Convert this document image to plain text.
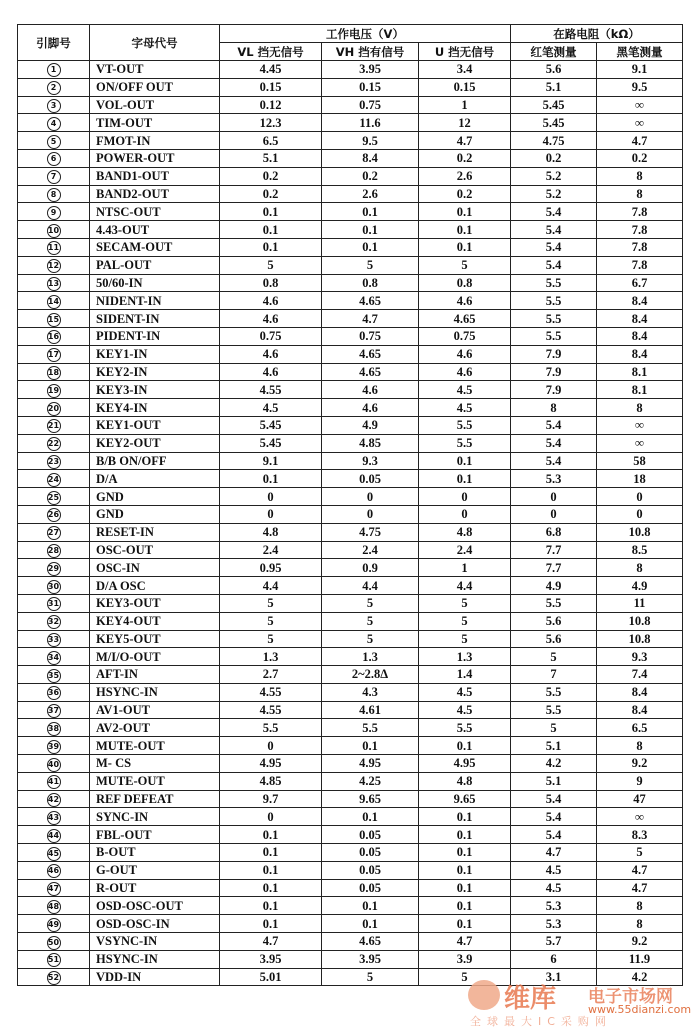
引脚号	字母代号	工作电压（V）			在路电阻（kΩ）	
		VL 挡无信号	VH 挡有信号	U 挡无信号	红笔测量	黑笔测量
1	VT-OUT	4.45	3.95	3.4	5.6	9.1
2	ON/OFF OUT	0.15	0.15	0.15	5.1	9.5
3	VOL-OUT	0.12	0.75	1	5.45	∞
4	TIM-OUT	12.3	11.6	12	5.45	∞
5	FMOT-IN	6.5	9.5	4.7	4.75	4.7
6	POWER-OUT	5.1	8.4	0.2	0.2	0.2
7	BAND1-OUT	0.2	0.2	2.6	5.2	8
8	BAND2-OUT	0.2	2.6	0.2	5.2	8
9	NTSC-OUT	0.1	0.1	0.1	5.4	7.8
10	4.43-OUT	0.1	0.1	0.1	5.4	7.8
11	SECAM-OUT	0.1	0.1	0.1	5.4	7.8
12	PAL-OUT	5	5	5	5.4	7.8
13	50/60-IN	0.8	0.8	0.8	5.5	6.7
14	NIDENT-IN	4.6	4.65	4.6	5.5	8.4
15	SIDENT-IN	4.6	4.7	4.65	5.5	8.4
16	PIDENT-IN	0.75	0.75	0.75	5.5	8.4
17	KEY1-IN	4.6	4.65	4.6	7.9	8.4
18	KEY2-IN	4.6	4.65	4.6	7.9	8.1
19	KEY3-IN	4.55	4.6	4.5	7.9	8.1
20	KEY4-IN	4.5	4.6	4.5	8	8
21	KEY1-OUT	5.45	4.9	5.5	5.4	∞
22	KEY2-OUT	5.45	4.85	5.5	5.4	∞
23	B/B ON/OFF	9.1	9.3	0.1	5.4	58
24	D/A	0.1	0.05	0.1	5.3	18
25	GND	0	0	0	0	0
26	GND	0	0	0	0	0
27	RESET-IN	4.8	4.75	4.8	6.8	10.8
28	OSC-OUT	2.4	2.4	2.4	7.7	8.5
29	OSC-IN	0.95	0.9	1	7.7	8
30	D/A OSC	4.4	4.4	4.4	4.9	4.9
31	KEY3-OUT	5	5	5	5.5	11
32	KEY4-OUT	5	5	5	5.6	10.8
33	KEY5-OUT	5	5	5	5.6	10.8
34	M/I/O-OUT	1.3	1.3	1.3	5	9.3
35	AFT-IN	2.7	2~2.8Δ	1.4	7	7.4
36	HSYNC-IN	4.55	4.3	4.5	5.5	8.4
37	AV1-OUT	4.55	4.61	4.5	5.5	8.4
38	AV2-OUT	5.5	5.5	5.5	5	6.5
39	MUTE-OUT	0	0.1	0.1	5.1	8
40	M- CS	4.95	4.95	4.95	4.2	9.2
41	MUTE-OUT	4.85	4.25	4.8	5.1	9
42	REF DEFEAT	9.7	9.65	9.65	5.4	47
43	SYNC-IN	0	0.1	0.1	5.4	∞
44	FBL-OUT	0.1	0.05	0.1	5.4	8.3
45	B-OUT	0.1	0.05	0.1	4.7	5
46	G-OUT	0.1	0.05	0.1	4.5	4.7
47	R-OUT	0.1	0.05	0.1	4.5	4.7
48	OSD-OSC-OUT	0.1	0.1	0.1	5.3	8
49	OSD-OSC-IN	0.1	0.1	0.1	5.3	8
50	VSYNC-IN	4.7	4.65	4.7	5.7	9.2
51	HSYNC-IN	3.95	3.95	3.9	6	11.9
52	VDD-IN	5.01	5	5	3.1	4.2
维库 电子市场网
www.55dianzi.com
全球最大IC采购网
